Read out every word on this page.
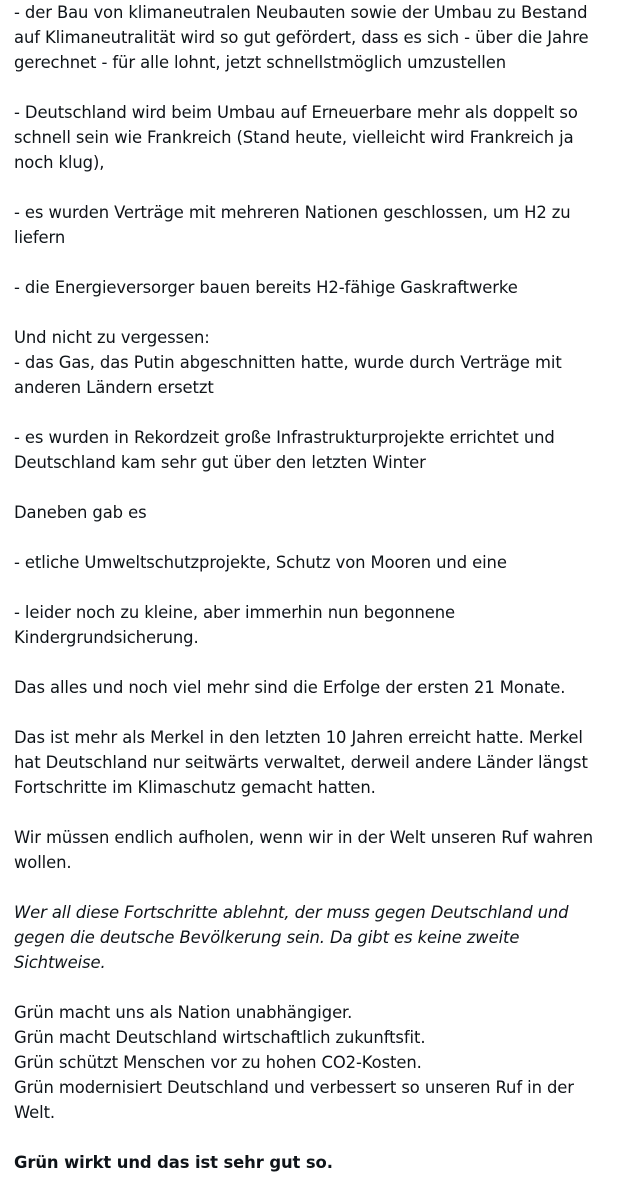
- der Bau von klimaneutralen Neubauten sowie der Umbau zu Bestand auf Klimaneutralität wird so gut gefördert, dass es sich - über die Jahre gerechnet - für alle lohnt, jetzt schnellstmöglich umzustellen

- Deutschland wird beim Umbau auf Erneuerbare mehr als doppelt so schnell sein wie Frankreich (Stand heute, vielleicht wird Frankreich ja noch klug),

- es wurden Verträge mit mehreren Nationen geschlossen, um H2 zu liefern

- die Energieversorger bauen bereits H2-fähige Gaskraftwerke

Und nicht zu vergessen:
- das Gas, das Putin abgeschnitten hatte, wurde durch Verträge mit anderen Ländern ersetzt

- es wurden in Rekordzeit große Infrastrukturprojekte errichtet und Deutschland kam sehr gut über den letzten Winter

Daneben gab es

- etliche Umweltschutzprojekte, Schutz von Mooren und eine

- leider noch zu kleine, aber immerhin nun begonnene Kindergrundsicherung.

Das alles und noch viel mehr sind die Erfolge der ersten 21 Monate.

Das ist mehr als Merkel in den letzten 10 Jahren erreicht hatte. Merkel hat Deutschland nur seitwärts verwaltet, derweil andere Länder längst Fortschritte im Klimaschutz gemacht hatten.

Wir müssen endlich aufholen, wenn wir in der Welt unseren Ruf wahren wollen.

Wer all diese Fortschritte ablehnt, der muss gegen Deutschland und gegen die deutsche Bevölkerung sein. Da gibt es keine zweite Sichtweise.

Grün macht uns als Nation unabhängiger.
Grün macht Deutschland wirtschaftlich zukunftsfit.
Grün schützt Menschen vor zu hohen CO2-Kosten.
Grün modernisiert Deutschland und verbessert so unseren Ruf in der Welt.

Grün wirkt und das ist sehr gut so.
